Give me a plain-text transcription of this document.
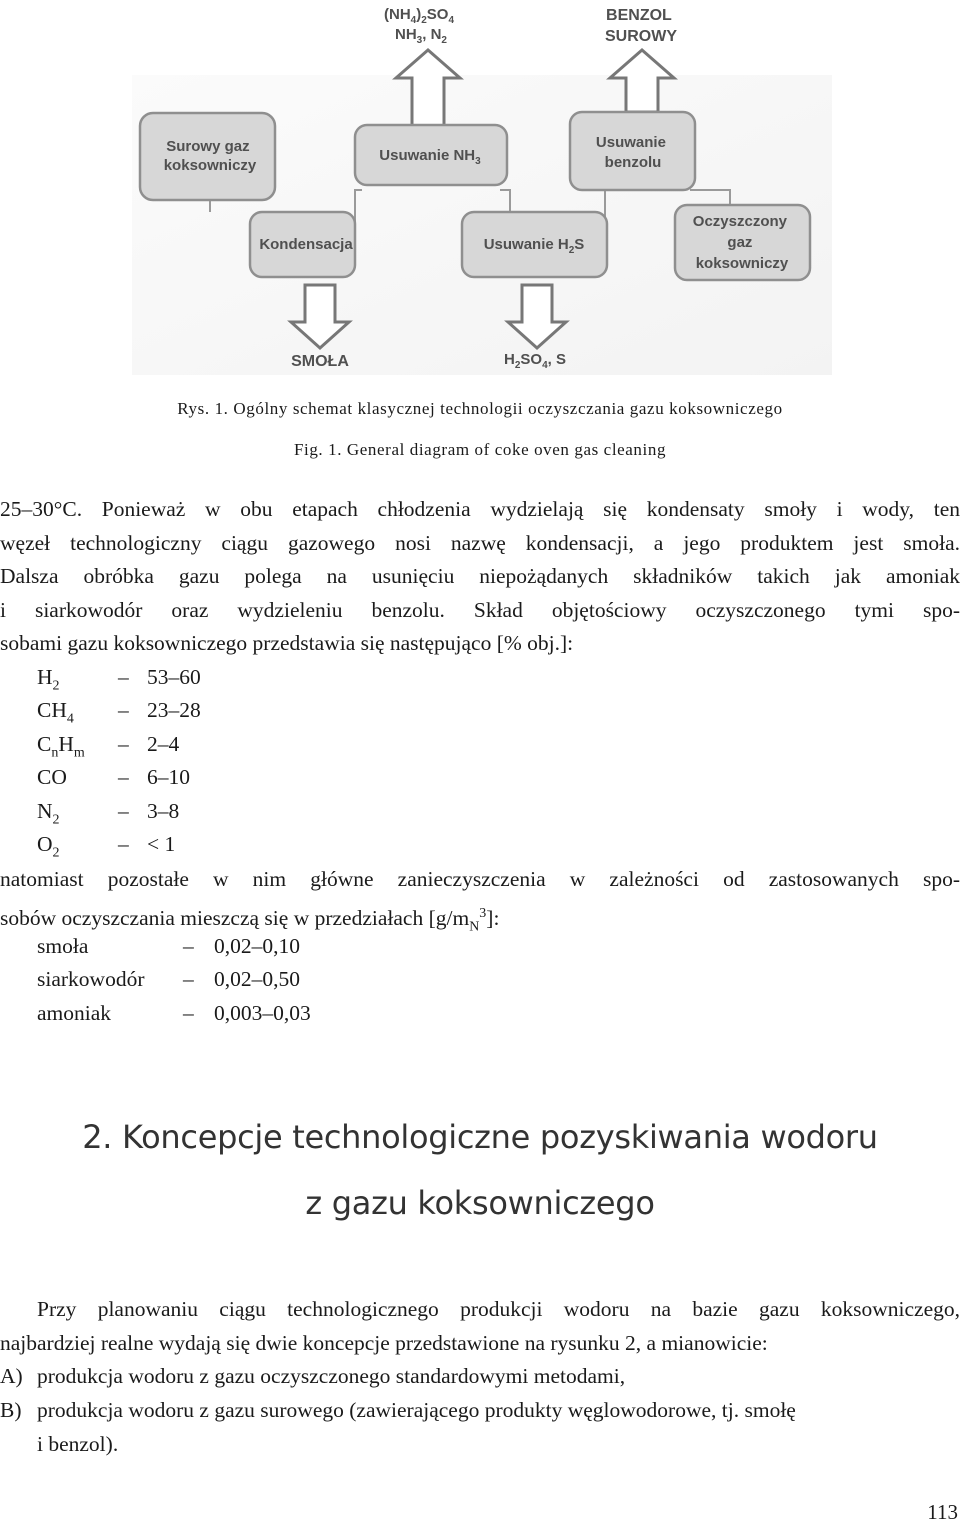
Surowy gaz koksowniczy
Kondensacja
Usuwanie $NH_3$
Usuwanie $H_2S$
Usuwanie benzolu
Oczyszczony gaz koksowniczy
$(NH_4)_2SO_4$
$NH_3$, $N_2$
BENZOL SUROWY
SMOŁA	$H_2SO_4$, S
Rys. 1. Ogólny schemat klasycznej technologii oczyszczania gazu koksowniczego
Fig. 1. General diagram of coke oven gas cleaning
25–30°C. Ponieważ w obu etapach chłodzenia wydzielają się kondensaty smoły i wody, ten
węzeł technologiczny ciągu gazowego nosi nazwę kondensacji, a jego produktem jest smoła.
Dalsza obróbka gazu polega na usunięciu niepożądanych składników takich jak amoniak
i siarkowodór oraz wydzieleniu benzolu. Skład objętościowy oczyszczonego tymi spo-
sobami gazu koksowniczego przedstawia się następująco [% obj.]:
$H_2$
$CH_4$
$C_nH_m$
CO
$N_2$
$O_2$
–
–
–
–
–
–
53–60
23–28
2–4
6–10
3–8
< 1
natomiast pozostałe w nim główne zanieczyszczenia w zależności od zastosowanych spo-
sobów oczyszczania mieszczą się w przedziałach $[g/m_N^3]$:
smoła
siarkowodór
amoniak
–
–
–
0,02–0,10
0,02–0,50
0,003–0,03
2. Koncepcje technologiczne pozyskiwania wodoru
z gazu koksowniczego
Przy planowaniu ciągu technologicznego produkcji wodoru na bazie gazu koksowniczego,
najbardziej realne wydają się dwie koncepcje przedstawione na rysunku 2, a mianowicie:
A) produkcja wodoru z gazu oczyszczonego standardowymi metodami,
B) produkcja wodoru z gazu surowego (zawierającego produkty węglowodorowe, tj. smołę
i benzol).
113
